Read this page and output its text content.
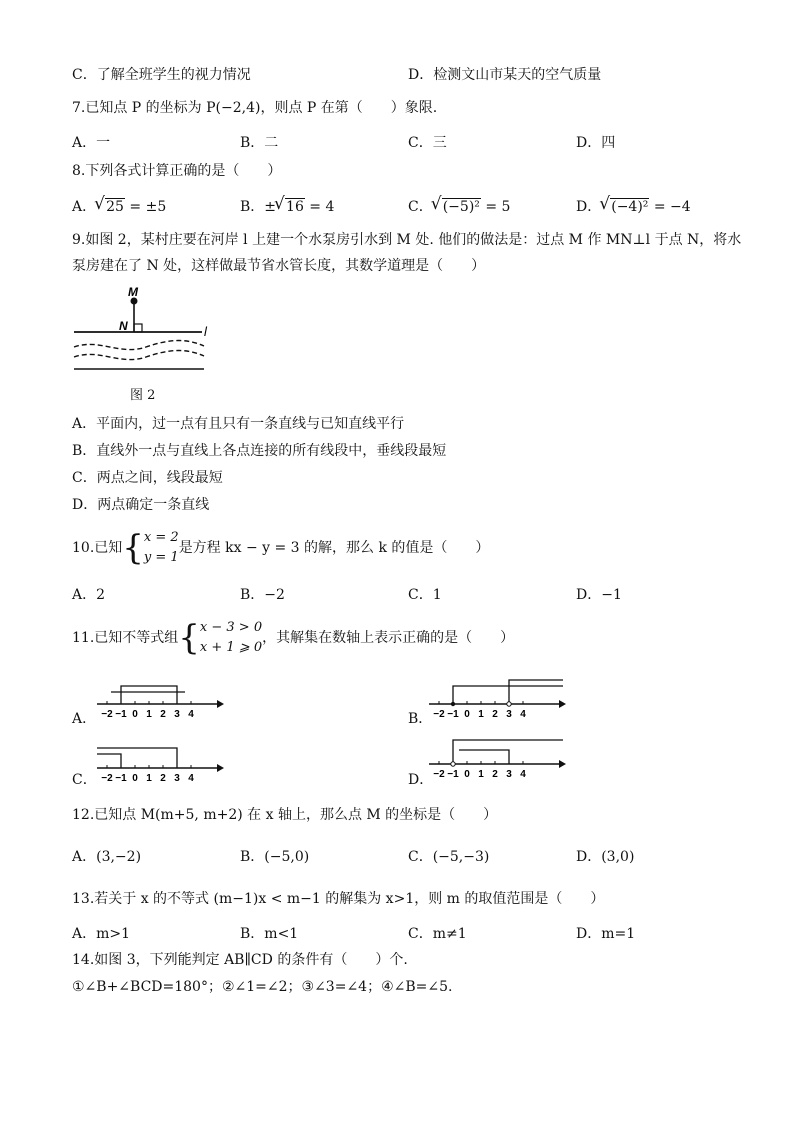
C．了解全班学生的视力情况	D．检测文山市某天的空气质量
7.已知点 P 的坐标为 P(−2,4)，则点 P 在第（　　）象限.
A．一	B．二	C．三	D．四
8.下列各式计算正确的是（　　）
A． √ 25 = ±5	B．± √ 16 = 4	C． √ (−5)² = 5	D． √ (−4)² = −4
9.如图 2，某村庄要在河岸 l 上建一个水泵房引水到 M 处. 他们的做法是：过点 M 作 MN⊥l 于点 N，将水
泵房建在了 N 处，这样做最节省水管长度，其数学道理是（　　）
M
N	l
图 2
A．平面内，过一点有且只有一条直线与已知直线平行
B．直线外一点与直线上各点连接的所有线段中，垂线段最短
C．两点之间，线段最短
D．两点确定一条直线
10.已知{x = 2
y = 1是方程 kx − y = 3 的解，那么 k 的值是（　　）
A．2	B．−2	C．1	D．−1
11.已知不等式组{x − 3 > 0
x + 1 ⩾ 0，其解集在数轴上表示正确的是（　　）
A． −2 −1 0 1 2 3 4	B． −2 −1 0 1 2 3 4
C． −2 −1 0 1 2 3 4	D． −2 −1 0 1 2 3 4
12.已知点 M(m+5, m+2) 在 x 轴上，那么点 M 的坐标是（　　）
A．(3,−2)	B．(−5,0)	C．(−5,−3)	D．(3,0)
13.若关于 x 的不等式 (m−1)x < m−1 的解集为 x>1，则 m 的取值范围是（　　）
A．m>1	B．m<1	C．m≠1	D．m=1
14.如图 3，下列能判定 AB∥CD 的条件有（　　）个.
①∠B+∠BCD=180°；②∠1=∠2；③∠3=∠4；④∠B=∠5.
